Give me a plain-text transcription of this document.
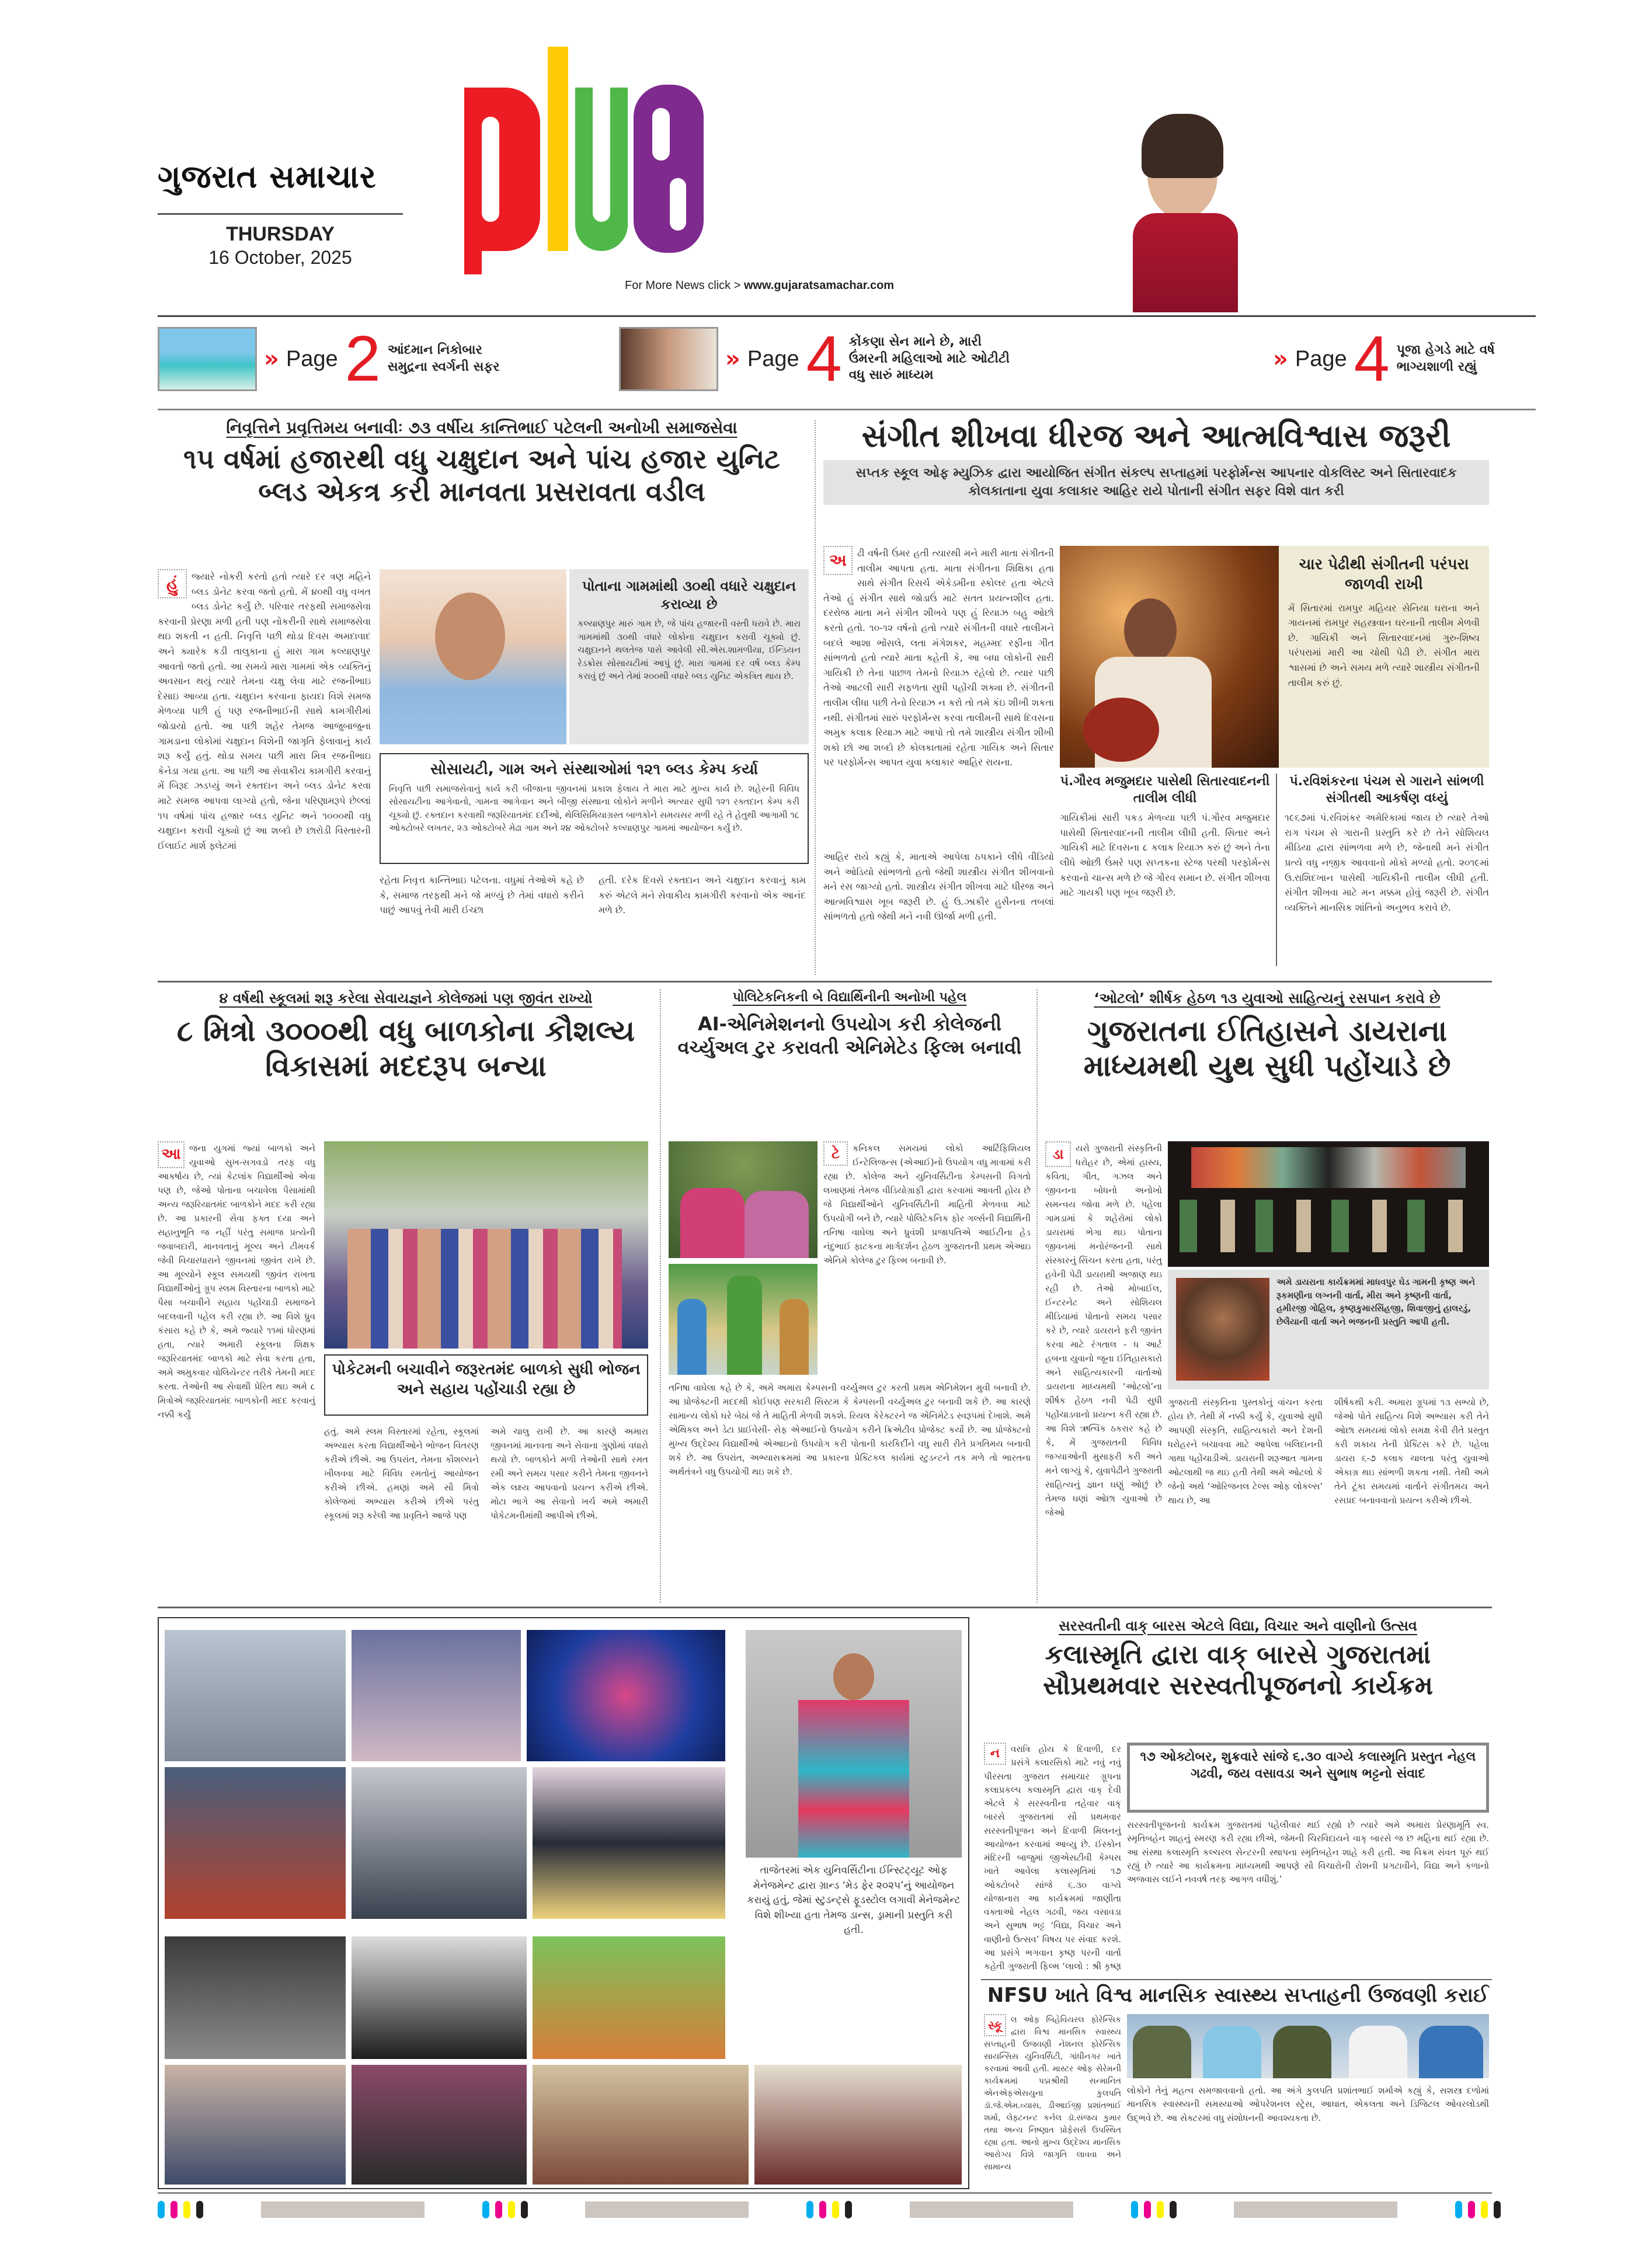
ગુજરાત સમાચાર
THURSDAY
16 October, 2025
For More News click > www.gujaratsamachar.com
» Page 2 આંદમાન નિકોબાર સમુદ્રના સ્વર્ગની સફર	» Page 4 કોંકણા સેન માને છે, મારી ઉંમરની મહિલાઓ માટે ઓટીટી વધુ સારું માધ્યમ
» Page 4 પૂજા હેગડે માટે વર્ષ ભાગ્યશાળી રહ્યું
નિવૃત્તિને પ્રવૃત્તિમય બનાવીઃ ૭૩ વર્ષીય કાન્તિભાઈ પટેલની અનોખી સમાજસેવા
૧૫ વર્ષમાં હજારથી વધુ ચક્ષુદાન અને પાંચ હજાર યુનિટ બ્લડ એકત્ર કરી માનવતા પ્રસરાવતા વડીલ
હું	જ્યારે નોકરી કરતો હતો ત્યારે દર ત્રણ મહિને બ્લડ ડોનેટ કરવા જતો હતો. મેં ૪૦થી વધુ વખત બ્લડ ડોનેટ કર્યું છે. પરિવાર તરફથી સમાજસેવા કરવાની પ્રેરણા મળી હતી પણ નોકરીની સાથે સમાજસેવા થઇ શકતી ન હતી. નિવૃત્તિ પછી થોડા દિવસ અમદાવાદ અને ક્યારેક કડી તાલુકાના હું મારા ગામ કલ્યાણપુર આવતો જતો હતો. આ સમયે મારા ગામમાં એક વ્યક્તિનું અવસાન થયું ત્યારે તેમના ચક્ષુ લેવા માટે રજનીભાઇ દેસાઇ આવ્યા હતા. ચક્ષુદાન કરવાના ફાયદા વિશે સમજ મેળવ્યા પછી હું પણ રજનીભાઈની સાથે કામગીરીમાં જોડાયો હતો. આ પછી શહેર તેમજ આજુબાજુના ગામડાના લોકોમાં ચક્ષુદાન વિશેની જાગૃતિ ફેલાવાનું કાર્ય શરૂ કર્યું હતું. થોડા સમય પછી મારા મિત્ર રજનીભાઇ કેનેડા ગયા હતા. આ પછી આ સેવાકીય કામગીરી કરવાનું મેં બિરૂદ ઝડપ્યું અને રક્તદાન અને બ્લડ ડોનેટ કરવા માટે સમજ આપવા લાગ્યો હતો, જેના પરિણામરૂપે છેલ્લાં ૧૫ વર્ષમાં પાંચ હજાર બ્લડ યુનિટ અને ૧૦૦૦થી વધુ ચક્ષુદાન કરાવી ચૂક્યો છું આ શબ્દો છે છારોડી વિસ્તારની ઈલાઈટ માર્શ ફ્લેટમાં
પોતાના ગામમાંથી ૩૦થી વધારે ચક્ષુદાન કરાવ્યા છે
કલ્યાણપુર મારું ગામ છે, જે પાંચ હજારની વસ્તી ધરાવે છે. મારા ગામમાંથી ૩૦થી વધારે લોકોના ચક્ષુદાન કરાવી ચૂક્યો છું. ચક્ષુદાનને થલતેજ પાસે આવેલી સી.એસ.શામળીયા, ઈન્ડિયન રેડક્રોસ સોસાયટીમાં આપું છું. મારા ગામમાં દર વર્ષે બ્લડ કેમ્પ કરાવું છું અને તેમાં ૨૦૦થી વધારે બ્લડ યુનિટ એકત્રિત થાય છે.
સોસાયટી, ગામ અને સંસ્થાઓમાં ૧૨૧ બ્લડ કેમ્પ કર્યા
નિવૃત્તિ પછી સમાજસેવાનું કાર્ય કરી બીજાના જીવનમાં પ્રકાશ ફેલાય તે મારા માટે મુખ્ય કાર્ય છે. શહેરની વિવિધ સોસાયટીના આગેવાનો, ગામના આગેવાન અને બીજી સંસ્થાના લોકોને મળીને અત્યાર સુધી ૧૨૧ રક્તદાન કેમ્પ કરી ચૂક્યો છું. રક્તદાન કરવાથી જરૂરિયાતમંદ દર્દીઓ, થેલિસિમિયાગ્રસ્ત બાળકોને સમયસર મળી રહે તે હેતુથી આગામી ૧૮ ઓક્ટોબરે લખતર, ૨૩ ઓક્ટોબરે મેઢા ગામ અને ૨૪ ઓક્ટોબરે કલ્યાણપુર ગામમાં આયોજન કર્યું છે.
રહેતા નિવૃત્ત કાન્તિભાઇ પટેલના. વધુમાં તેઓએ કહે છે કે, સમાજ તરફથી મને જે મળ્યું છે તેમાં વધારો કરીને પાછું આપવું તેવી મારી ઈચ્છા
હતી. દરેક દિવસે રક્તદાન અને ચક્ષુદાન કરવાનું કામ કરું એટલે મને સેવાકીય કામગીરી કરવાનો એક આનંદ મળે છે.
સંગીત શીખવા ધીરજ અને આત્મવિશ્વાસ જરૂરી
સપ્તક સ્કૂલ ઓફ મ્યુઝિક દ્વારા આયોજિત સંગીત સંકલ્પ સપ્તાહમાં પરફોર્મન્સ આપનાર વોકલિસ્ટ અને સિતારવાદક કોલકાતાના યુવા કલાકાર આહિર રાયે પોતાની સંગીત સફર વિશે વાત કરી
અ	ઢી વર્ષની ઉંમર હતી ત્યારથી મને મારી માતા સંગીતની તાલીમ આપતા હતા. માતા સંગીતના શિક્ષિકા હતા સાથે સંગીત રિસર્ચ એકેડમીના સ્કોલર હતા એટલે તેઓ હું સંગીત સાથે જોડાઉં માટે સતત પ્રયત્નશીલ હતા. દરરોજ માતા મને સંગીત શીખવે પણ હું રિયાઝ બહુ ઓછો કરતો હતો. ૧૦-૧૨ વર્ષનો હતો ત્યારે સંગીતની વધારે તાલીમને બદલે આશા ભોંસલે, લતા મંગેશકર, મહમ્મદ રફીના ગીત સાંભળતો હતો ત્યારે માતા કહેતી કે, આ બધા લોકોની સારી ગાયિકી છે તેના પાછળ તેમનો રિયાઝ રહેલો છે. ત્યાર પછી તેઓ આટલી સારી સફળતા સુધી પહોંચી શક્યા છે. સંગીતની તાલીમ લીધા પછી તેનો રિયાઝ ન કરો તો તમે કંઇ શીખી શકતા નથી. સંગીતમાં સારું પરફોર્મન્સ કરવા તાલીમની સાથે દિવસના અમુક કલાક રિયાઝ માટે આપો તો તમે શાસ્ત્રીય સંગીત શીખી શકો છો આ શબ્દો છે કોલકાતામાં રહેતા ગાયિક અને સિતાર પર પરફોર્મન્સ આપત યુવા કલાકાર આહિર રાયના.
આહિર રાયે કહ્યું કે, માતાએ આપેલા ઠપકાને લીધે વીડિયો અને ઓડિયો સાંભળતો હતો જેથી શાસ્ત્રીય સંગીત શીખવાનો મને રસ જાગ્યો હતો. શાસ્ત્રીય સંગીત શીખવા માટે ધીરજ અને આત્મવિશ્વાસ ખૂબ જરૂરી છે. હું ઉ.ઝાકીર હુસૈનના તબલાં સાંભળતો હતો જેથી મને નવી ઊર્જા મળી હતી.
ચાર પેઢીથી સંગીતની પરંપરા જાળવી રાખી
મેં સિતારમાં રામપુર મહિયર સેનિયા ઘરાના અને ગાયનમાં રામપુર સહસ્ત્રવાન ઘરનાની તાલીમ મેળવી છે. ગાયિકી અને સિતારવાદનમાં ગુરુ-શિષ્ય પરંપરામાં મારી આ ચોથી પેઢી છે. સંગીત મારા શ્વાસમાં છે અને સમય મળે ત્યારે શાસ્ત્રીય સંગીતની તાલીમ કરું છું.
પં.ગૌરવ મજુમદાર પાસેથી સિતારવાદનની તાલીમ લીધી
ગાયિકીમાં સારી પકડ મેળવ્યા પછી પં.ગૌરવ મજુમદાર પાસેથી સિતારવાદનની તાલીમ લીધી હતી. સિતાર અને ગાયિકી માટે દિવસના ૮ કલાક રિયાઝ કરું છું અને તેના લીધે ઓછી ઉંમરે પણ સપ્તકના સ્ટેજ પરથી પરફોર્મન્સ કરવાનો ચાન્સ મળે છે જે ગૌરવ સમાન છે. સંગીત શીખવા માટે ગાયકી પણ ખૂબ જરૂરી છે.
પં.રવિશંકરના પંચમ સે ગારાને સાંભળી સંગીતથી આકર્ષણ વધ્યું
૧૯૬૭માં પં.રવિશંકર અમેરિકામાં જાય છે ત્યારે તેઓ રાગ પંચમ સે ગારાની પ્રસ્તુતિ કરે છે તેને સોશિયલ મીડિયા દ્વારા સાંભળવા મળે છે, જેનાથી મને સંગીત પ્રત્યે વધુ નજીક આવવાનો મોકો મળ્યો હતો. ૨૦૧૯માં ઉ.રાશિદખાન પાસેથી ગાયિકીની તાલીમ લીધી હતી. સંગીત શીખવા માટે મન મક્કમ હોવું જરૂરી છે. સંગીત વ્યક્તિને માનસિક શાંતિનો અનુભવ કરાવે છે.
૪ વર્ષથી સ્કૂલમાં શરૂ કરેલા સેવાયજ્ઞને કોલેજમાં પણ જીવંત રાખ્યો
૮ મિત્રો ૩૦૦૦થી વધુ બાળકોના કૌશલ્ય વિકાસમાં મદદરૂપ બન્યા
આ જના યુગમાં જ્યાં બાળકો અને યુવાઓ સુખ-સગવડો તરફ વધુ આકર્ષાય છે, ત્યાં કેટલાંક વિદ્યાર્થીઓ એવા પણ છે, જેઓ પોતાના બચાવેલા પૈસામાંથી અન્ય જરૂરિયાતમંદ બાળકોને મદદ કરી રહ્યા છે. આ પ્રકારની સેવા ફક્ત દયા અને સહાનુભૂતિ જ નહીં પરંતુ સમાજ પ્રત્યેની જવાબદારી, માનવતાનું મૂલ્ય અને ટીમવર્ક જેવી વિચારધારાને જીવનમાં જીવંત રાખે છે. આ મૂલ્યોને સ્કૂલ સમયથી જીવંત રાખતા વિદ્યાર્થીઓનું ગ્રૂપ સ્લમ વિસ્તારના બાળકો માટે પૈસા બચાવીને સહાય પહોંચાડી સમાજને બદલવાની પહેલ કરી રહ્યા છે. આ વિશે ધ્રુવ કંસારા કહે છે કે, અમે જ્યારે ૧૧માં ધોરણમાં હતા, ત્યારે અમારી સ્કૂલના શિક્ષક જરૂરિયાતમંદ બાળકો માટે સેવા કરતા હતા, અમે અમુકવાર વોલિયેન્ટર તરીકે તેમની મદદ કરતા. તેઓની આ સેવાથી પ્રેરિત થઇ અમે ૮ મિત્રોએ જરૂરિયાતમંદ બાળકોની મદદ કરવાનું નક્કી કર્યું
પોકેટમની બચાવીને જરૂરતમંદ બાળકો સુધી ભોજન અને સહાય પહોંચાડી રહ્યા છે
હતું. અમે સ્લમ વિસ્તારમાં રહેતા, સ્કૂલમાં અભ્યાસ કરતા વિદ્યાર્થીઓને ભોજન વિતરણ કરીએ છીએ. આ ઉપરાંત, તેમના કૌશલ્યને ખીલવવા માટે વિવિધ રમતોનું આયોજન કરીએ છીએ. હમણાં અમે સૌ મિત્રો કોલેજમાં અભ્યાસ કરીએ છીએ પરંતુ સ્કૂલમાં શરૂ કરેલી આ પ્રવૃતિને આજે પણ
અમે ચાલુ રાખી છે. આ કારણે અમારા જીવનમાં માનવતા અને સેવાના ગુણોમાં વધારો થયો છે. બાળકોને મળી તેઓની સાથે રમત રમી અને સમય પસાર કરીને તેમના જીવનને એક લક્ષ્ય આપવાનો પ્રયત્ન કરીએ છીએ. મોટા ભાગે આ સેવાનો ખર્ચ અમે અમારી પોકેટમનીમાંથી આપીએ છીએ.
પોલિટેકનિકની બે વિદ્યાર્થિનીની અનોખી પહેલ
AI-એનિમેશનનો ઉપયોગ કરી કોલેજની વર્ચ્યુઅલ ટુર કરાવતી એનિમેટેડ ફિલ્મ બનાવી
ટે	કનિકલ સમયમાં લોકો આર્ટિફિશિયલ ઈન્ટેલિજન્સ (એઆઈ)નો ઉપયોગ વધુ માત્રામાં કરી રહ્યા છે. કોલેજ અને યુનિવર્સિટીના કેમ્પસની વિગતો લખાણમાં તેમજ વીડિયોગ્રાફી દ્વારા કરવામાં આવતી હોય છે જે વિદ્યાર્થીઓને યુનિવર્સિટીની માહિતી મેળવવા માટે ઉપયોગી બને છે, ત્યારે પોલિટેકનિક ફોર ગર્લ્સની વિદ્યાર્થિની તનિષા વાઘેલા અને ધ્રુવંશી પ્રજાપતિએ આઈટીના હેડ નંદુભાઈ ફાટકના માર્ગદર્શન હેઠળ ગુજરાતની પ્રથમ એઆઇ એનિમે કોલેજ ટુર ફિલ્મ બનાવી છે.
તનિષા વાઘેલા કહે છે કે, અમે અમારા કેમ્પસની વર્ચ્યુઅલ ટુર કરતી પ્રથમ એનિમેશન મુવી બનાવી છે. આ પ્રોજેક્ટની મદદથી કોઈપણ સરકારી સિસ્ટમ કે કેમ્પસની વર્ચ્યુઅલ ટુર બનાવી શકે છે. આ કારણે સામાન્ય લોકો ઘરે બેઠાં જે તે માહિતી મેળવી શકશે. રિયલ કેરેક્ટરને જ એનિમેટેડ સ્વરૂપમાં દેખાશે. અમે એથિકલ અને ડેટા પ્રાઈવેસી- સેફ એઆઈનો ઉપયોગ કરીને ક્રિએટીવ પ્રોજેક્ટ કર્યો છે. આ પ્રોજેક્ટનો મુખ્ય ઉદ્દેશ્ય વિદ્યાર્થીઓ એઆઇનો ઉપયોગ કરી પોતાની કારકિર્દીને વધુ સારી રીતે પ્રગતિમય બનાવી શકે છે. આ ઉપરાંત, અભ્યાસક્રમમાં આ પ્રકારના પ્રેક્ટિકલ કાર્યમાં સ્ટુડન્ટને તક મળે તો ભારતના અર્થતંત્રને વધુ ઉપયોગી થઇ શકે છે.
‘ઓટલો’ શીર્ષક હેઠળ ૧૩ યુવાઓ સાહિત્યનું રસપાન કરાવે છે
ગુજરાતના ઈતિહાસને ડાયરાના માધ્યમથી યુથ સુધી પહોંચાડે છે
ડા	યરો ગુજરાતી સંસ્કૃતિની ધરોહર છે, એમાં હાસ્ય, કવિતા, ગીત, ગઝલ અને જીવનના બોધનો અનોખો સમન્વય જોવા મળે છે. પહેલા ગામડામાં કે શહેરોમાં લોકો ડાયરામાં ભેગા થઇ પોતાના જીવનમાં મનોરંજનની સાથે સંસ્કારનું સિંચન કરતા હતા, પરંતુ હવેની પેઢી ડાયરાથી અજાણ થઇ રહી છે. તેઓ મોબાઈલ, ઈન્ટરનેટ અને સોશિયલ મીડિયામાં પોતાનો સમય પસાર કરે છે, ત્યારે ડાયરાને ફરી જીવંત કરવા માટે રંગતાલ - ધ આર્ટ હબના યુવાનો જૂના ઈતિહાસકારો અને સાહિત્યકારની વાર્તાઓ ડાયરાના માધ્યમથી ‘ઓટલો’ના શીર્ષક હેઠળ નવી પેઢી સુધી પહોંચાડવાનો પ્રયત્ન કરી રહ્યા છે. આ વિશે ઋત્વિક ઠકરાર કહે છે કે, મેં ગુજરાતની વિવિધ જગ્યાઓની મુસાફરી કરી અને મને લાગ્યું કે, યુવાપેઢીને ગુજરાતી સાહિત્યનું જ્ઞાન ઘણું ઓછું છે તેમજ ઘણાં ઓછા યુવાઓ છે જેઓ
અમે ડાયરાના કાર્યક્રમમાં માધવપુર ઘેડ ગામની કૃષ્ણ અને રૂકમણીના લગ્નની વાર્તા, મીરા અને કૃષ્ણની વાર્તા, હમીરજી ગોહિલ, કૃષ્ણકુમારસિંહજી, શિવાજીનું હાલરડું, છેલૈયાની વાર્તા અને ભજનની પ્રસ્તુતિ આપી હતી.
ગુજરાતી સંસ્કૃતિના પુસ્તકોનું વાંચન કરતા હોય છે. તેથી મેં નક્કી કર્યું કે, યુવાઓ સુધી આપણી સંસ્કૃતિ, સાહિત્યકારો અને દેશની ધરોહરને બચાવવા માટે આપેલા બલિદાનની ગાથા પહોંચાડીએ. ડાયરાની શરૂઆત ગામના ઓટલાથી જ થઇ હતી તેથી અમે ઓટલો કે જેનો અર્થ ‘ઓરિજનલ ટેલ્સ ઓફ લોકલ્સ’ થાય છે, આ
શીર્ષકથી કરી. અમારા ગ્રૂપમાં ૧૩ સભ્યો છે, જેઓ પોતે સાહિત્ય વિશે અભ્યાસ કરી તેને ઓછા સમયમાં લોકો સમક્ષ કેવી રીતે પ્રસ્તુત કરી શકાય તેની પ્રેક્ટિસ કરે છે. પહેલા ડાયરા ૬-૭ કલાક ચાલતા પરંતુ યુવાઓ એકાગ્ર થઇ સાંભળી શકતા નથી. તેથી અમે તેને ટૂંકા સમયમાં વાર્તાને સંગીતમય અને રસપ્રદ બનાવવાનો પ્રયત્ન કરીએ છીએ.
તાજેતરમાં એક યુનિવર્સિટીના ઈન્સ્ટિટ્યૂટ ઓફ મેનેજમેન્ટ દ્વારા ગ્રાન્ડ ‘મેડ ફેર ૨૦૨૫’નું આયોજન કરાયું હતું, જેમાં સ્ટુડન્ટ્સે ફૂડસ્ટોલ લગાવી મેનેજમેન્ટ વિશે શીખ્યા હતા તેમજ ડાન્સ, ડ્રામાની પ્રસ્તુતિ કરી હતી.
સરસ્વતીની વાક્ બારસ એટલે વિદ્યા, વિચાર અને વાણીનો ઉત્સવ
કલાસ્મૃતિ દ્વારા વાક્ બારસે ગુજરાતમાં સૌપ્રથમવાર સરસ્વતીપૂજનનો કાર્યક્રમ
ન	વરાત્રિ હોય કે દિવાળી, દર પ્રસંગે કલારસિકો માટે નવું નવું પીરસતા ગુજરાત સમાચાર ગ્રૂપના કલાપ્રકલ્પ કલાસ્મૃતિ દ્વારા વાક્ દેવી એટલે કે સરસ્વતીના તહેવાર વાક્ બારસે ગુજરાતમાં સૌ પ્રથમવાર સરસ્વતીપૂજન અને દિવાળી મિલનનું આયોજન કરવામાં આવ્યુ છે. ઈસ્કોન મંદિરની બાજુમાં જીએસટીવી કેમ્પસ ખાતે આવેલા કલાસ્મૃતિમાં ૧૭ ઓક્ટોબરે સાંજે ૬.૩૦ વાગ્યે યોજાનારા આ કાર્યક્રમમાં જાણીતા વક્તાઓ નેહલ ગઢવી, જય વસાવડા અને સુભાષ ભટ્ટ ‘વિદ્યા, વિચાર અને વાણીનો ઉત્સવ’ વિષય પર સંવાદ કરશે. આ પ્રસંગે ભગવાન કૃષ્ણ પરની વાર્તા કહેતી ગુજરાતી ફિલ્મ ‘લાલો : શ્રી કૃષ્ણ
૧૭ ઓક્ટોબર, શુક્રવારે સાંજે ૬.૩૦ વાગ્યે કલાસ્મૃતિ પ્રસ્તુત નેહલ ગઢવી, જય વસાવડા અને સુભાષ ભટ્ટનો સંવાદ
સરસ્વતીપૂજનનો કાર્યક્રમ ગુજરાતમાં પહેલીવાર થઈ રહ્યો છે ત્યારે અમે અમારા પ્રેરણામૂર્તિ સ્વ. સ્મૃતિબહેન શાહનું સ્મરણ કરી રહ્યા છીએ, જેમની ચિરવિદાયને વાક્ બારસે જ છ મહિના થઈ રહ્યા છે. આ સંસ્થા કલાસ્મૃતિ કલ્ચરલ સેન્ટરની સ્થાપના સ્મૃતિબહેન શાહે કરી હતી. આ વિક્રમ સંવત પૂરું થઈ રહ્યું છે ત્યારે આ કાર્યક્રમના માધ્યમથી આપણે સૌ વિચારોની રોશની પ્રગટાવીને, વિદ્યા અને કળાનો અજવાસ લઈને નવવર્ષ તરફ આગળ વધીશું.’
NFSU ખાતે વિશ્વ માનસિક સ્વાસ્થ્ય સપ્તાહની ઉજવણી કરાઈ
સ્કૂ	લ ઓફ બિહેવિયરલ ફોરેન્સિક દ્વારા વિશ્વ માનસિક સ્વાસ્થ્ય સપ્તાહની ઉજવણી નેશનલ ફોરેન્સિક સાયન્સિસ યુનિવર્સિટી, ગાંધીનગર ખાતે કરવામાં આવી હતી. માસ્ટર ઓફ સેરેમની કાર્યક્રમમાં પદ્મશ્રીથી સન્માનિત એનએફએસયુના કુલપતિ ડૉ.જે.એમ.વ્યાસ, ડીઆઈજી પ્રશાંતભાઈ શર્મા, લેફ્ટનન્ટ કર્નલ ડૉ.સંજય કુમાર તથા અન્ય નિષ્ણાત પ્રોફેસર્સ ઉપસ્થિત રહ્યા હતા. આનો મુખ્ય ઉદ્દેશ્ય માનસિક આરોગ્ય વિશે જાગૃતિ લાવવા અને સામાન્ય
લોકોને તેનું મહત્વ સમજાવવાનો હતો. આ અંગે કુલપતિ પ્રશાંતભાઈ શર્માએ કહ્યું કે, સશસ્ત્ર દળોમાં માનસિક સ્વાસ્થ્યની સમસ્યાઓ ઓપરેશનલ સ્ટ્રેસ, આઘાત, એકલતા અને ડિજિટલ ઓવરલોડથી ઉદ્ભવે છે. આ સેક્ટરમાં વધુ સંશોધનની આવશ્યકતા છે.
